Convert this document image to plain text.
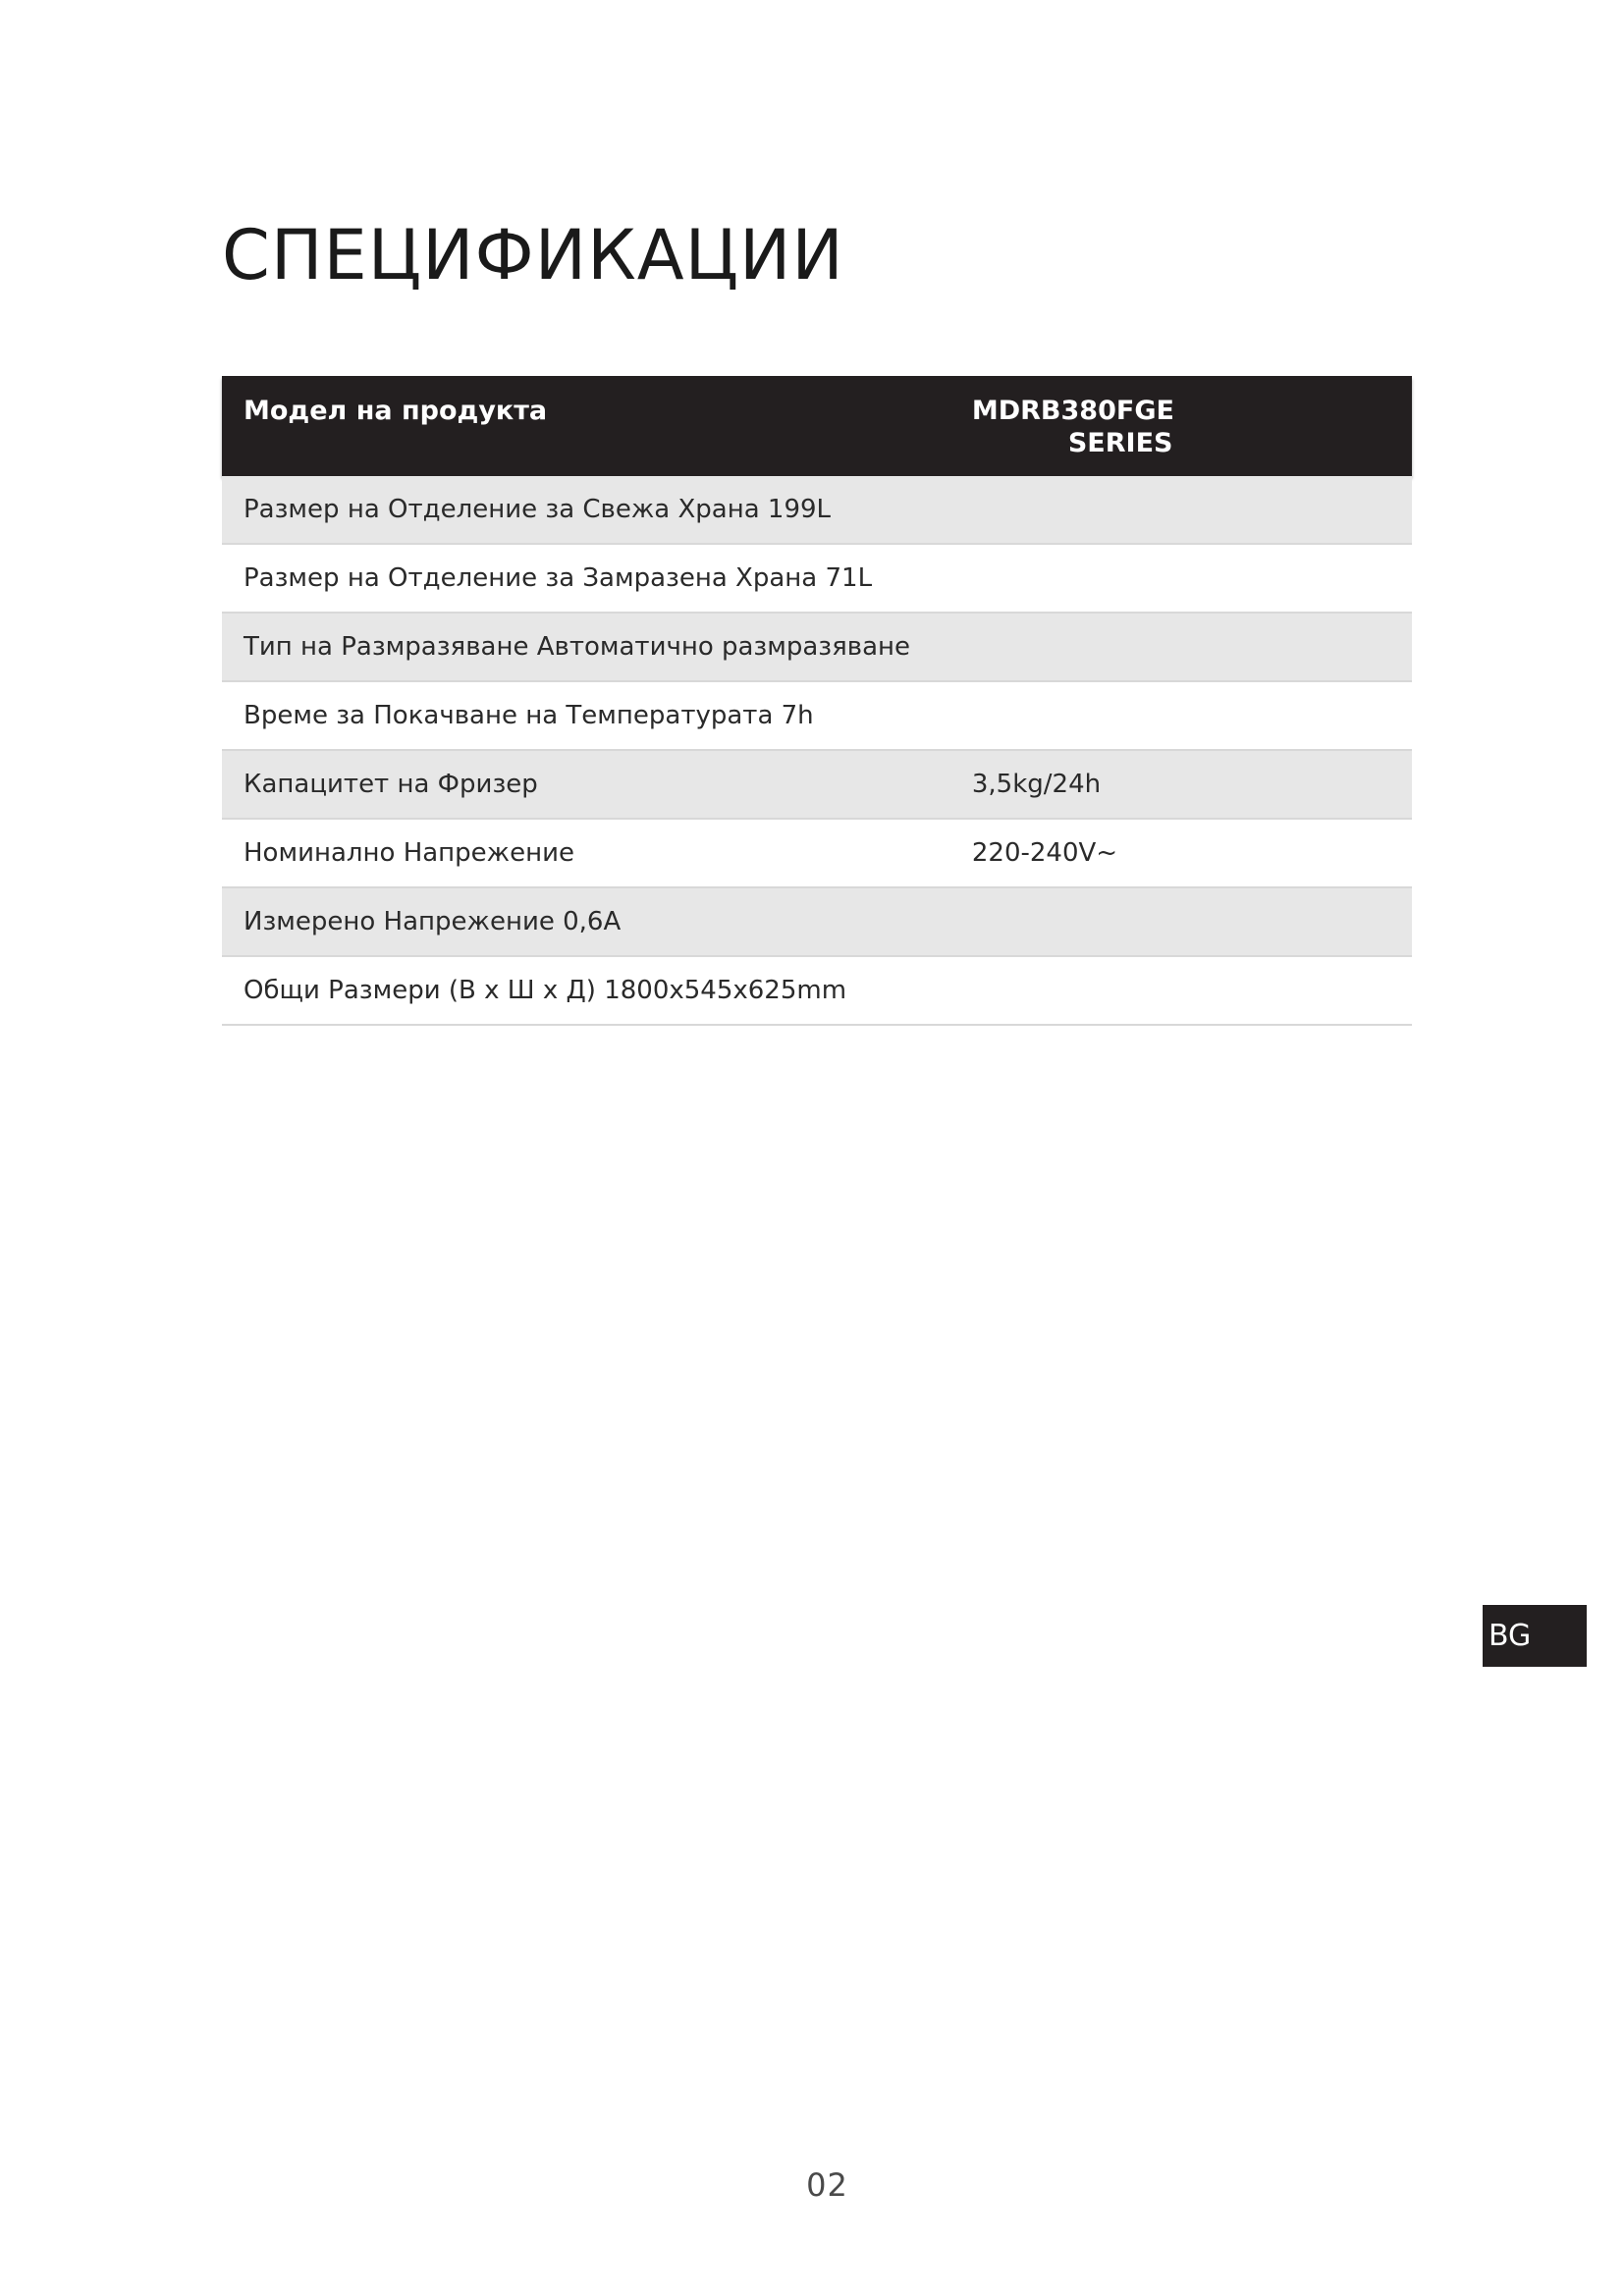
СПЕЦИФИКАЦИИ
Модел на продукта	MDRB380FGE
SERIES

Размер на Отделение за Свежа Храна 199L	
Размер на Отделение за Замразена Храна 71L	
Тип на Размразяване Автоматично размразяване	
Време за Покачване на Температурата 7h	
Капацитет на Фризер	3,5kg/24h
Номинално Напрежение	220-240V~
Измерено Напрежение 0,6A	
Общи Размери (В x Ш x Д) 1800x545x625mm	
BG
02
